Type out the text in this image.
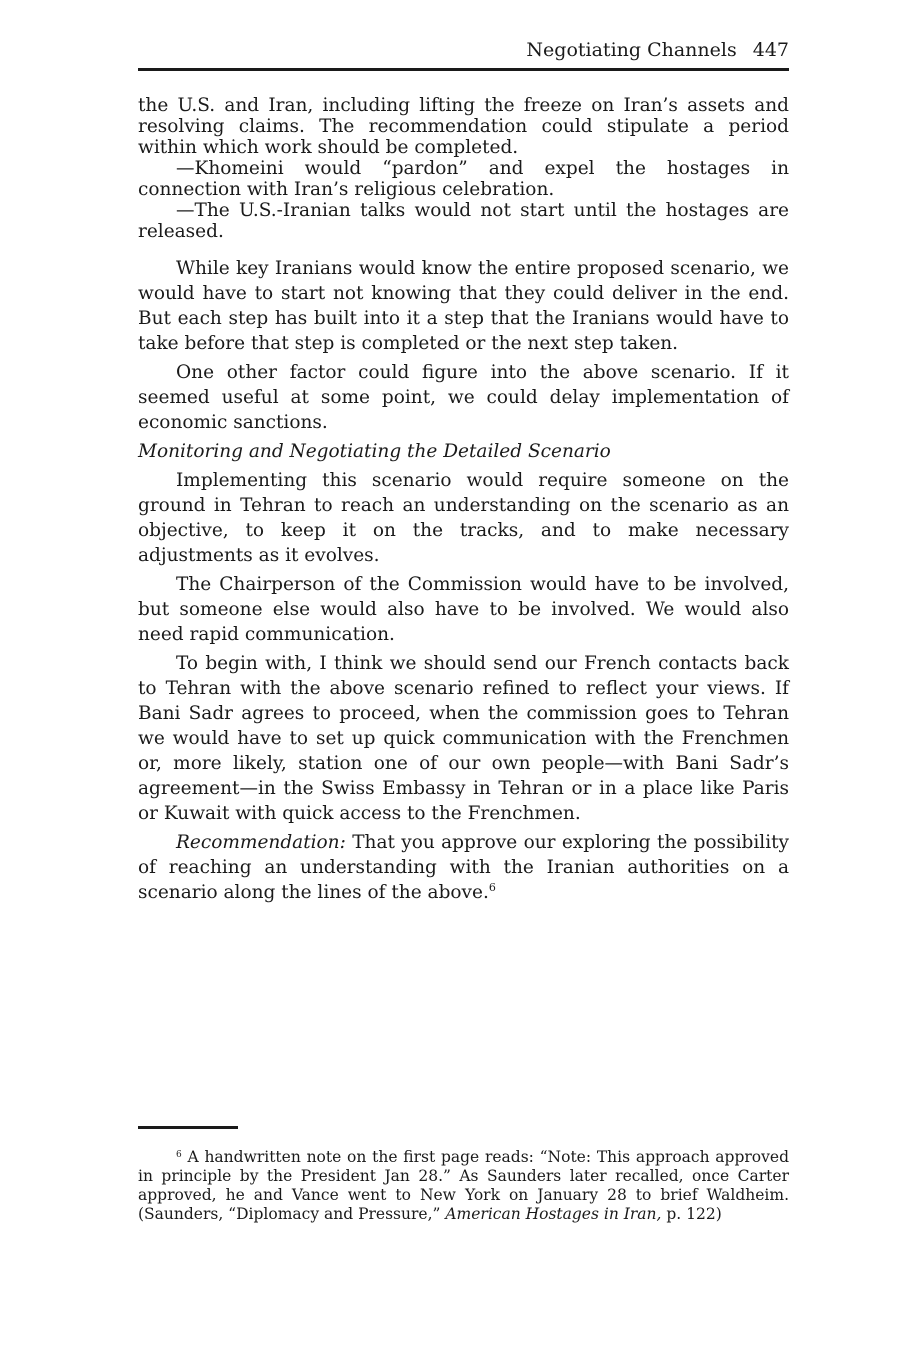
Negotiating Channels 447

the U.S. and Iran, including lifting the freeze on Iran’s assets and resolving claims. The recommendation could stipulate a period within which work should be completed.

—Khomeini would “pardon” and expel the hostages in connection with Iran’s religious celebration.

—The U.S.-Iranian talks would not start until the hostages are released.

While key Iranians would know the entire proposed scenario, we would have to start not knowing that they could deliver in the end. But each step has built into it a step that the Iranians would have to take before that step is completed or the next step taken.

One other factor could figure into the above scenario. If it seemed useful at some point, we could delay implementation of economic sanctions.

Monitoring and Negotiating the Detailed Scenario

Implementing this scenario would require someone on the ground in Tehran to reach an understanding on the scenario as an objective, to keep it on the tracks, and to make necessary adjustments as it evolves.

The Chairperson of the Commission would have to be involved, but someone else would also have to be involved. We would also need rapid communication.

To begin with, I think we should send our French contacts back to Tehran with the above scenario refined to reflect your views. If Bani Sadr agrees to proceed, when the commission goes to Tehran we would have to set up quick communication with the Frenchmen or, more likely, station one of our own people—with Bani Sadr’s agreement—in the Swiss Embassy in Tehran or in a place like Paris or Kuwait with quick access to the Frenchmen.

Recommendation: That you approve our exploring the possibility of reaching an understanding with the Iranian authorities on a scenario along the lines of the above.$^6$

$^6$ A handwritten note on the first page reads: “Note: This approach approved in principle by the President Jan 28.” As Saunders later recalled, once Carter approved, he and Vance went to New York on January 28 to brief Waldheim. (Saunders, “Diplomacy and Pressure,” American Hostages in Iran, p. 122)
